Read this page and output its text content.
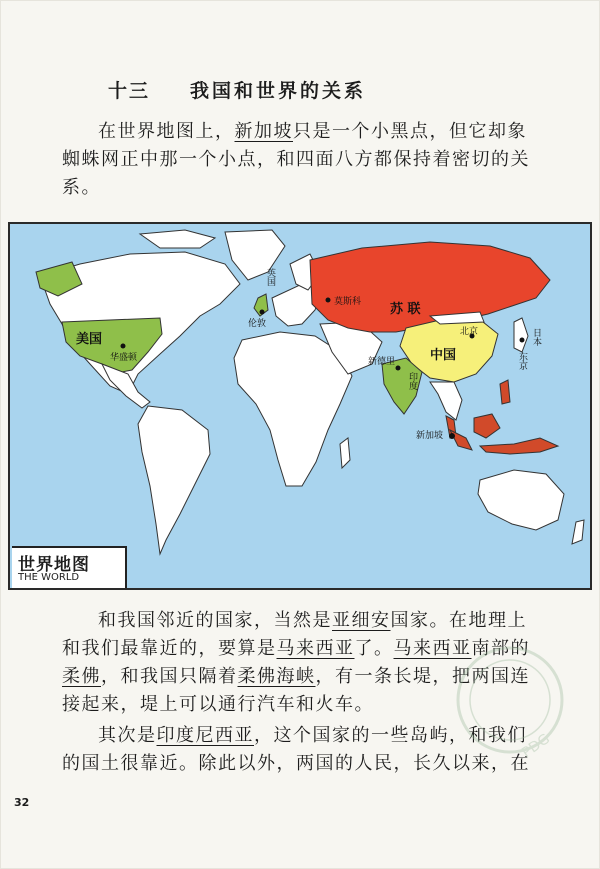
十三 我国和世界的关系
在世界地图上，新加坡只是一个小黑点，但它却象蜘蛛网正中那一个小点，和四面八方都保持着密切的关系。
美国
华盛顿
英国
伦敦
莫斯科 苏 联
北京
中国
新德里
印度
日本
东京
新加坡
世界地图
THE WORLD
和我国邻近的国家，当然是亚细安国家。在地理上和我们最靠近的，要算是马来西亚了。马来西亚南部的柔佛，和我国只隔着柔佛海峡，有一条长堤，把两国连接起来，堤上可以通行汽车和火车。
其次是印度尼西亚，这个国家的一些岛屿，和我们的国土很靠近。除此以外，两国的人民，长久以来，在
32
PDG
